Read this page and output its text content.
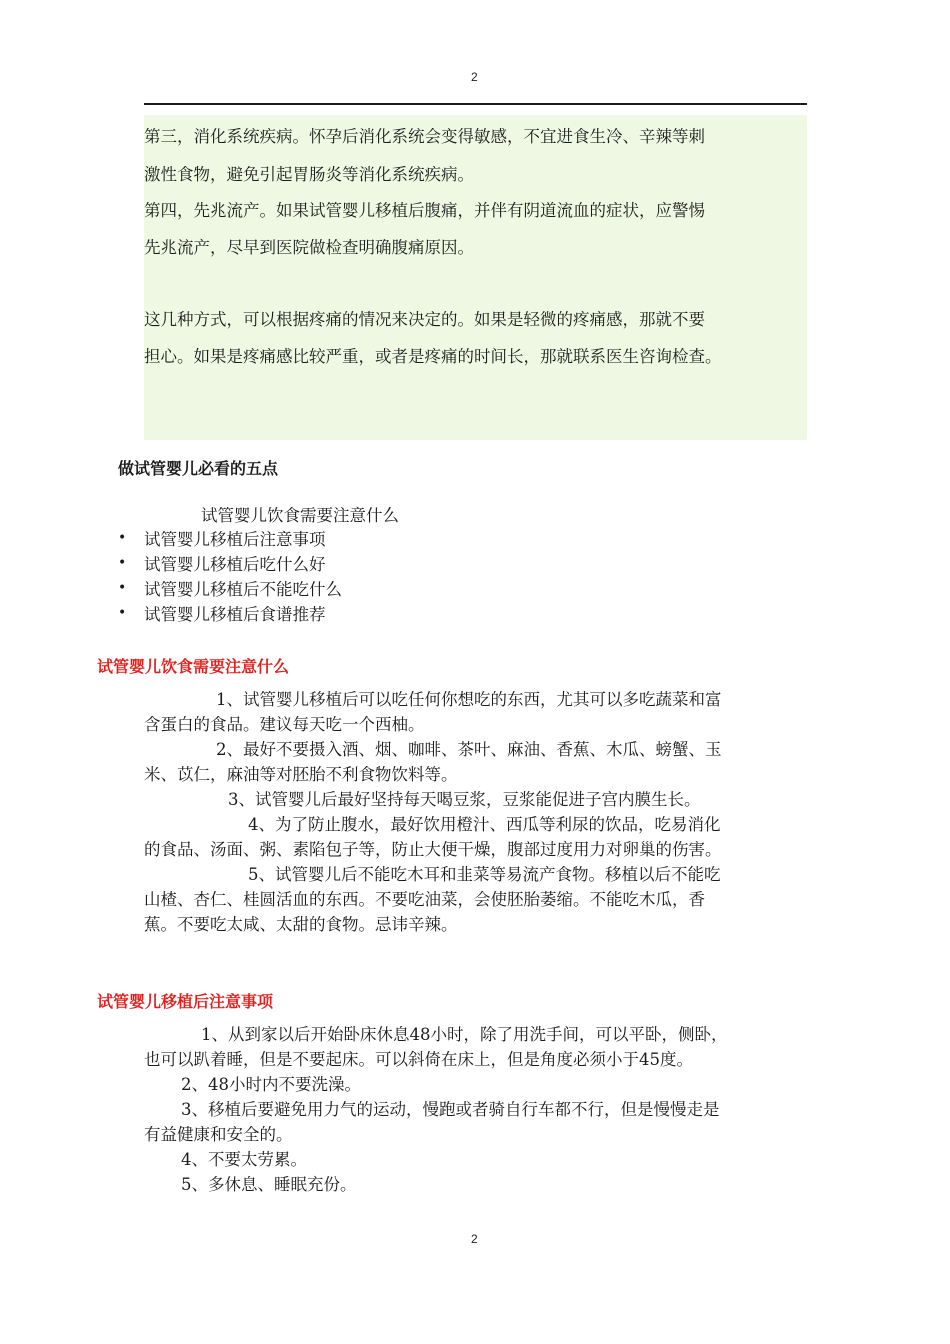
2
第三，消化系统疾病。怀孕后消化系统会变得敏感，不宜进食生冷、辛辣等刺
激性食物，避免引起胃肠炎等消化系统疾病。
第四，先兆流产。如果试管婴儿移植后腹痛，并伴有阴道流血的症状，应警惕
先兆流产，尽早到医院做检查明确腹痛原因。
这几种方式，可以根据疼痛的情况来决定的。如果是轻微的疼痛感，那就不要
担心。如果是疼痛感比较严重，或者是疼痛的时间长，那就联系医生咨询检查。
做试管婴儿必看的五点
试管婴儿饮食需要注意什么
• 试管婴儿移植后注意事项
• 试管婴儿移植后吃什么好
• 试管婴儿移植后不能吃什么
• 试管婴儿移植后食谱推荐
试管婴儿饮食需要注意什么
1、试管婴儿移植后可以吃任何你想吃的东西，尤其可以多吃蔬菜和富
含蛋白的食品。建议每天吃一个西柚。
2、最好不要摄入酒、烟、咖啡、茶叶、麻油、香蕉、木瓜、螃蟹、玉
米、苡仁，麻油等对胚胎不利食物饮料等。
3、试管婴儿后最好坚持每天喝豆浆，豆浆能促进子宫内膜生长。
4、为了防止腹水，最好饮用橙汁、西瓜等利尿的饮品，吃易消化
的食品、汤面、粥、素陷包子等，防止大便干燥，腹部过度用力对卵巢的伤害。
5、试管婴儿后不能吃木耳和韭菜等易流产食物。移植以后不能吃
山楂、杏仁、桂圆活血的东西。不要吃油菜，会使胚胎萎缩。不能吃木瓜，香
蕉。不要吃太咸、太甜的食物。忌讳辛辣。
试管婴儿移植后注意事项
1、从到家以后开始卧床休息48小时，除了用洗手间，可以平卧，侧卧，
也可以趴着睡，但是不要起床。可以斜倚在床上，但是角度必须小于45度。
2、48小时内不要洗澡。
3、移植后要避免用力气的运动，慢跑或者骑自行车都不行，但是慢慢走是
有益健康和安全的。
4、不要太劳累。
5、多休息、睡眠充份。
2
